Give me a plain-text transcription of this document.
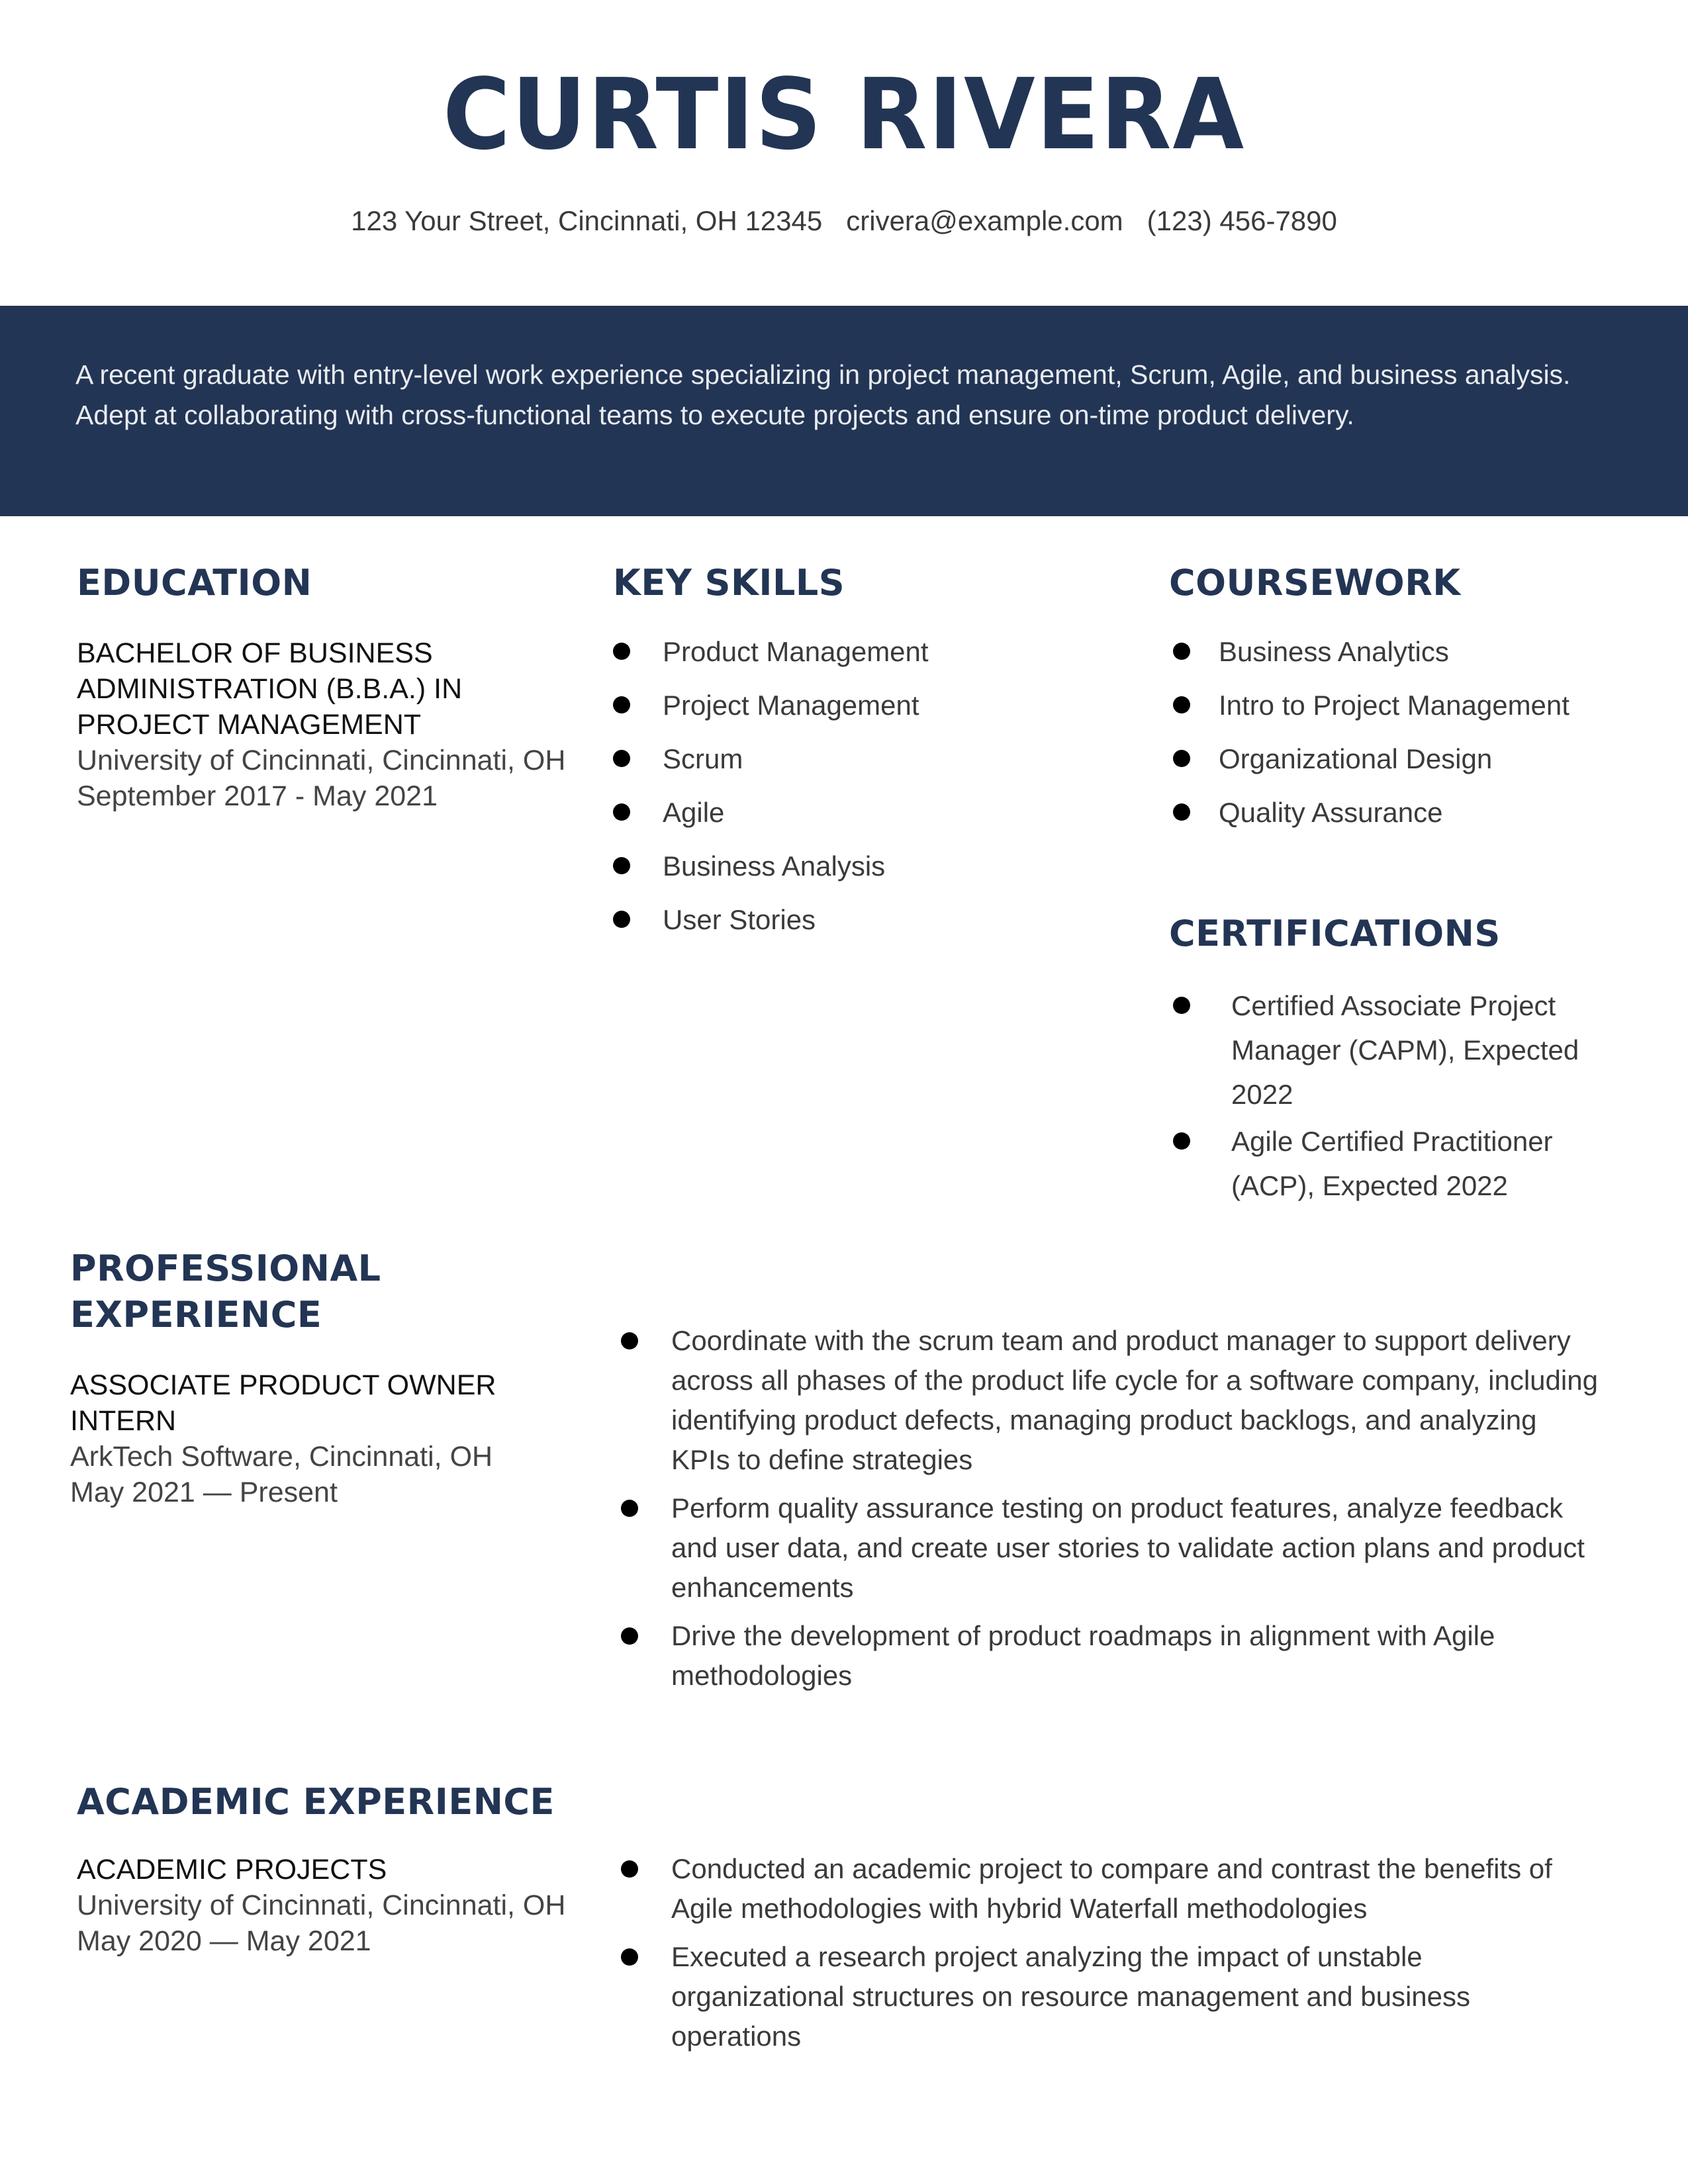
CURTIS RIVERA
123 Your Street, Cincinnati, OH 12345 crivera@example.com (123) 456-7890
A recent graduate with entry-level work experience specializing in project management, Scrum, Agile, and business analysis.
Adept at collaborating with cross-functional teams to execute projects and ensure on-time product delivery.
EDUCATION
BACHELOR OF BUSINESS
ADMINISTRATION (B.B.A.) IN
PROJECT MANAGEMENT
University of Cincinnati, Cincinnati, OH
September 2017 - May 2021
KEY SKILLS
Product Management
Project Management
Scrum
Agile
Business Analysis
User Stories
COURSEWORK
Business Analytics
Intro to Project Management
Organizational Design
Quality Assurance
CERTIFICATIONS
Certified Associate Project Manager (CAPM), Expected 2022
Agile Certified Practitioner (ACP), Expected 2022
PROFESSIONAL EXPERIENCE
ASSOCIATE PRODUCT OWNER
INTERN
ArkTech Software, Cincinnati, OH
May 2021 — Present
Coordinate with the scrum team and product manager to support delivery across all phases of the product life cycle for a software company, including identifying product defects, managing product backlogs, and analyzing KPIs to define strategies
Perform quality assurance testing on product features, analyze feedback and user data, and create user stories to validate action plans and product enhancements
Drive the development of product roadmaps in alignment with Agile methodologies
ACADEMIC EXPERIENCE
ACADEMIC PROJECTS
University of Cincinnati, Cincinnati, OH
May 2020 — May 2021
Conducted an academic project to compare and contrast the benefits of Agile methodologies with hybrid Waterfall methodologies
Executed a research project analyzing the impact of unstable organizational structures on resource management and business operations
